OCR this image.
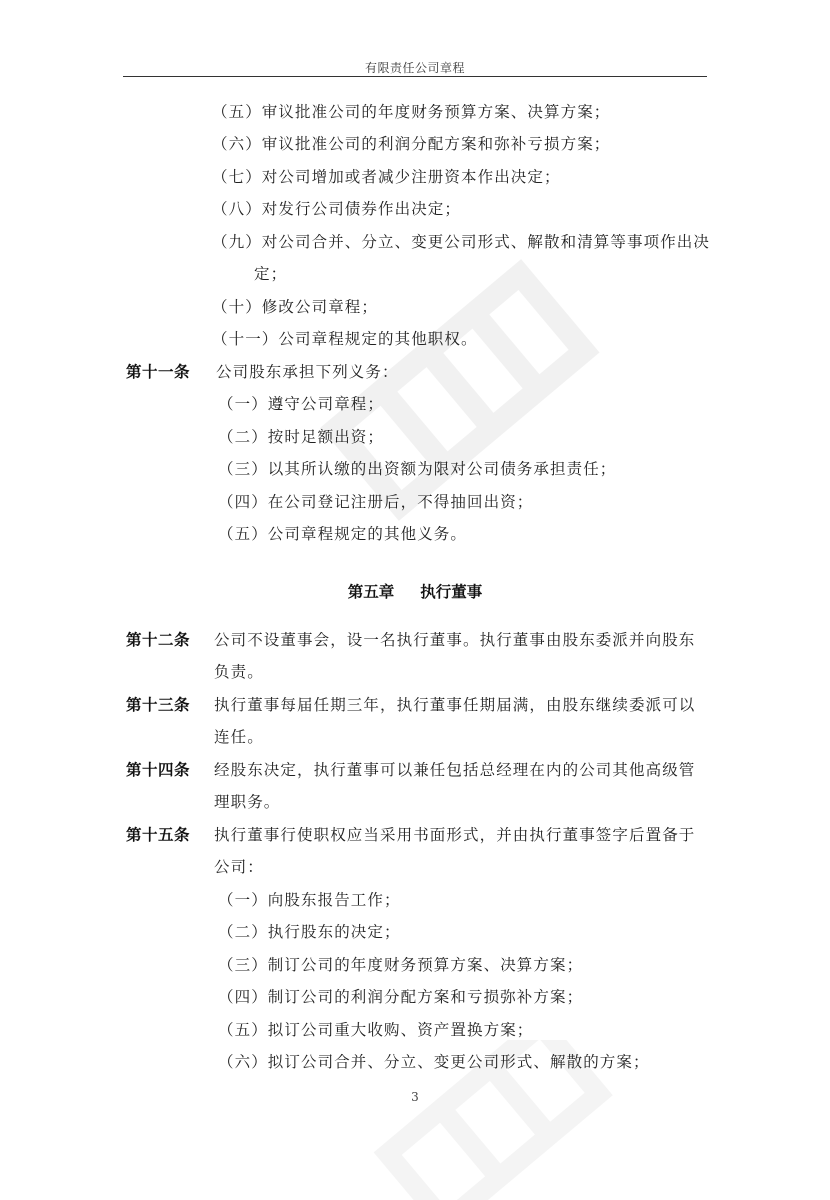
有限责任公司章程
（五）审议批准公司的年度财务预算方案、决算方案；
（六）审议批准公司的利润分配方案和弥补亏损方案；
（七）对公司增加或者减少注册资本作出决定；
（八）对发行公司债券作出决定；
（九）对公司合并、分立、变更公司形式、解散和清算等事项作出决
定；
（十）修改公司章程；
（十一）公司章程规定的其他职权。
第十一条 公司股东承担下列义务：
（一）遵守公司章程；
（二）按时足额出资；
（三）以其所认缴的出资额为限对公司债务承担责任；
（四）在公司登记注册后，不得抽回出资；
（五）公司章程规定的其他义务。
第五章 执行董事
第十二条 公司不设董事会，设一名执行董事。执行董事由股东委派并向股东
负责。
第十三条 执行董事每届任期三年，执行董事任期届满，由股东继续委派可以
连任。
第十四条 经股东决定，执行董事可以兼任包括总经理在内的公司其他高级管
理职务。
第十五条 执行董事行使职权应当采用书面形式，并由执行董事签字后置备于
公司：
（一）向股东报告工作；
（二）执行股东的决定；
（三）制订公司的年度财务预算方案、决算方案；
（四）制订公司的利润分配方案和亏损弥补方案；
（五）拟订公司重大收购、资产置换方案；
（六）拟订公司合并、分立、变更公司形式、解散的方案；
3
